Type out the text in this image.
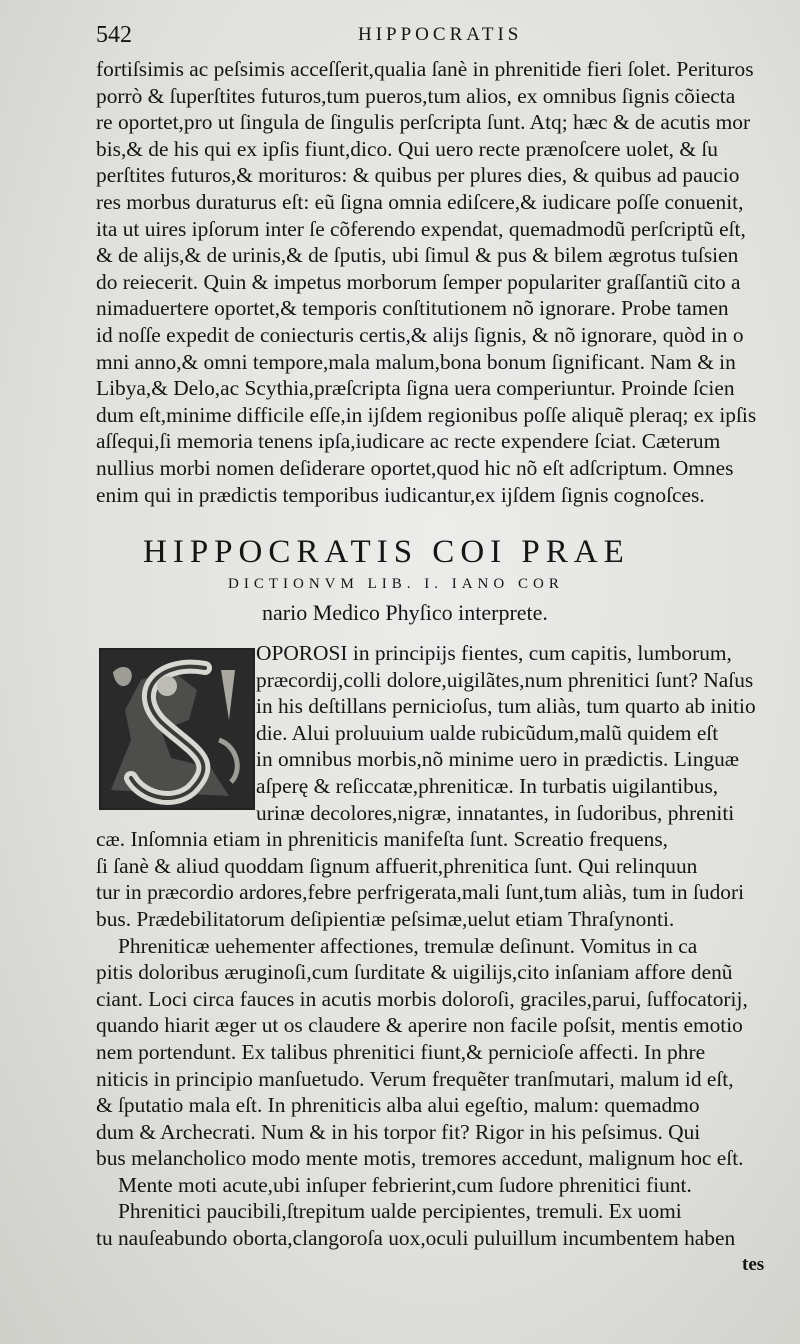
542	HIPPOCRATIS
fortiſsimis ac peſsimis acceſſerit,qualia ſanè in phrenitide fieri ſolet. Perituros
porrò & ſuperſtites futuros,tum pueros,tum alios, ex omnibus ſignis cõiecta
re oportet,pro ut ſingula de ſingulis perſcripta ſunt. Atq; hæc & de acutis mor
bis,& de his qui ex ipſis fiunt,dico. Qui uero recte prænoſcere uolet, & ſu
perſtites futuros,& morituros: & quibus per plures dies, & quibus ad paucio
res morbus duraturus eſt: eũ ſigna omnia ediſcere,& iudicare poſſe conuenit,
ita ut uires ipſorum inter ſe cõferendo expendat, quemadmodũ perſcriptũ eſt,
& de alijs,& de urinis,& de ſputis, ubi ſimul & pus & bilem ægrotus tuſsien
do reiecerit. Quin & impetus morborum ſemper populariter graſſantiũ cito a
nimaduertere oportet,& temporis conſtitutionem nõ ignorare. Probe tamen
id noſſe expedit de coniecturis certis,& alijs ſignis, & nõ ignorare, quòd in o
mni anno,& omni tempore,mala malum,bona bonum ſignificant. Nam & in
Libya,& Delo,ac Scythia,præſcripta ſigna uera comperiuntur. Proinde ſcien
dum eſt,minime difficile eſſe,in ijſdem regionibus poſſe aliquẽ pleraq; ex ipſis
aſſequi,ſi memoria tenens ipſa,iudicare ac recte expendere ſciat. Cæterum
nullius morbi nomen deſiderare oportet,quod hic nõ eſt adſcriptum. Omnes
enim qui in prædictis temporibus iudicantur,ex ijſdem ſignis cognoſces.
HIPPOCRATIS COI PRAE
DICTIONVM LIB. I. IANO COR
nario Medico Phyſico interprete.
OPOROSI in principijs fientes, cum capitis, lumborum,
præcordij,colli dolore,uigilãtes,num phrenitici ſunt? Naſus
in his deſtillans pernicioſus, tum aliàs, tum quarto ab initio
die. Alui proluuium ualde rubicũdum,malũ quidem eſt
in omnibus morbis,nõ minime uero in prædictis. Linguæ
aſperę & reſiccatæ,phreniticæ. In turbatis uigilantibus,
urinæ decolores,nigræ, innatantes, in ſudoribus, phreniti
cæ. Inſomnia etiam in phreniticis manifeſta ſunt. Screatio frequens,
ſi ſanè & aliud quoddam ſignum affuerit,phrenitica ſunt. Qui relinquun
tur in præcordio ardores,febre perfrigerata,mali ſunt,tum aliàs, tum in ſudori
bus. Prædebilitatorum deſipientiæ peſsimæ,uelut etiam Thraſynonti.
Phreniticæ uehementer affectiones, tremulæ deſinunt. Vomitus in ca
pitis doloribus æruginoſi,cum ſurditate & uigilijs,cito inſaniam affore denũ
ciant. Loci circa fauces in acutis morbis doloroſi, graciles,parui, ſuffocatorij,
quando hiarit æger ut os claudere & aperire non facile poſsit, mentis emotio
nem portendunt. Ex talibus phrenitici fiunt,& pernicioſe affecti. In phre
niticis in principio manſuetudo. Verum frequẽter tranſmutari, malum id eſt,
& ſputatio mala eſt. In phreniticis alba alui egeſtio, malum: quemadmo
dum & Archecrati. Num & in his torpor fit? Rigor in his peſsimus. Qui
bus melancholico modo mente motis, tremores accedunt, malignum hoc eſt.
Mente moti acute,ubi inſuper febrierint,cum ſudore phrenitici fiunt.
Phrenitici paucibili,ſtrepitum ualde percipientes, tremuli. Ex uomi
tu nauſeabundo oborta,clangoroſa uox,oculi puluillum incumbentem haben
tes
